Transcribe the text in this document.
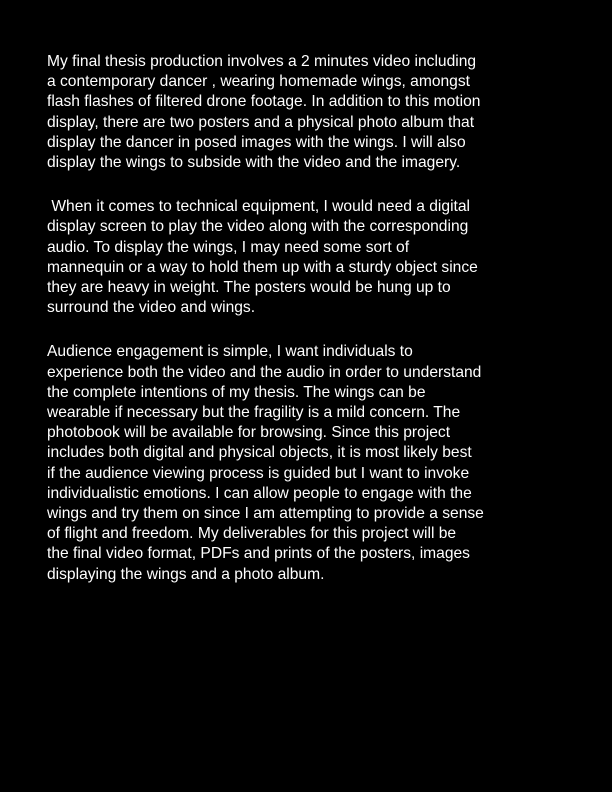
My final thesis production involves a 2 minutes video including
a contemporary dancer , wearing homemade wings, amongst
flash flashes of filtered drone footage. In addition to this motion
display, there are two posters and a physical photo album that
display the dancer in posed images with the wings. I will also
display the wings to subside with the video and the imagery.

When it comes to technical equipment, I would need a digital
display screen to play the video along with the corresponding
audio. To display the wings, I may need some sort of
mannequin or a way to hold them up with a sturdy object since
they are heavy in weight. The posters would be hung up to
surround the video and wings.

Audience engagement is simple, I want individuals to
experience both the video and the audio in order to understand
the complete intentions of my thesis. The wings can be
wearable if necessary but the fragility is a mild concern. The
photobook will be available for browsing. Since this project
includes both digital and physical objects, it is most likely best
if the audience viewing process is guided but I want to invoke
individualistic emotions. I can allow people to engage with the
wings and try them on since I am attempting to provide a sense
of flight and freedom. My deliverables for this project will be
the final video format, PDFs and prints of the posters, images
displaying the wings and a photo album.
